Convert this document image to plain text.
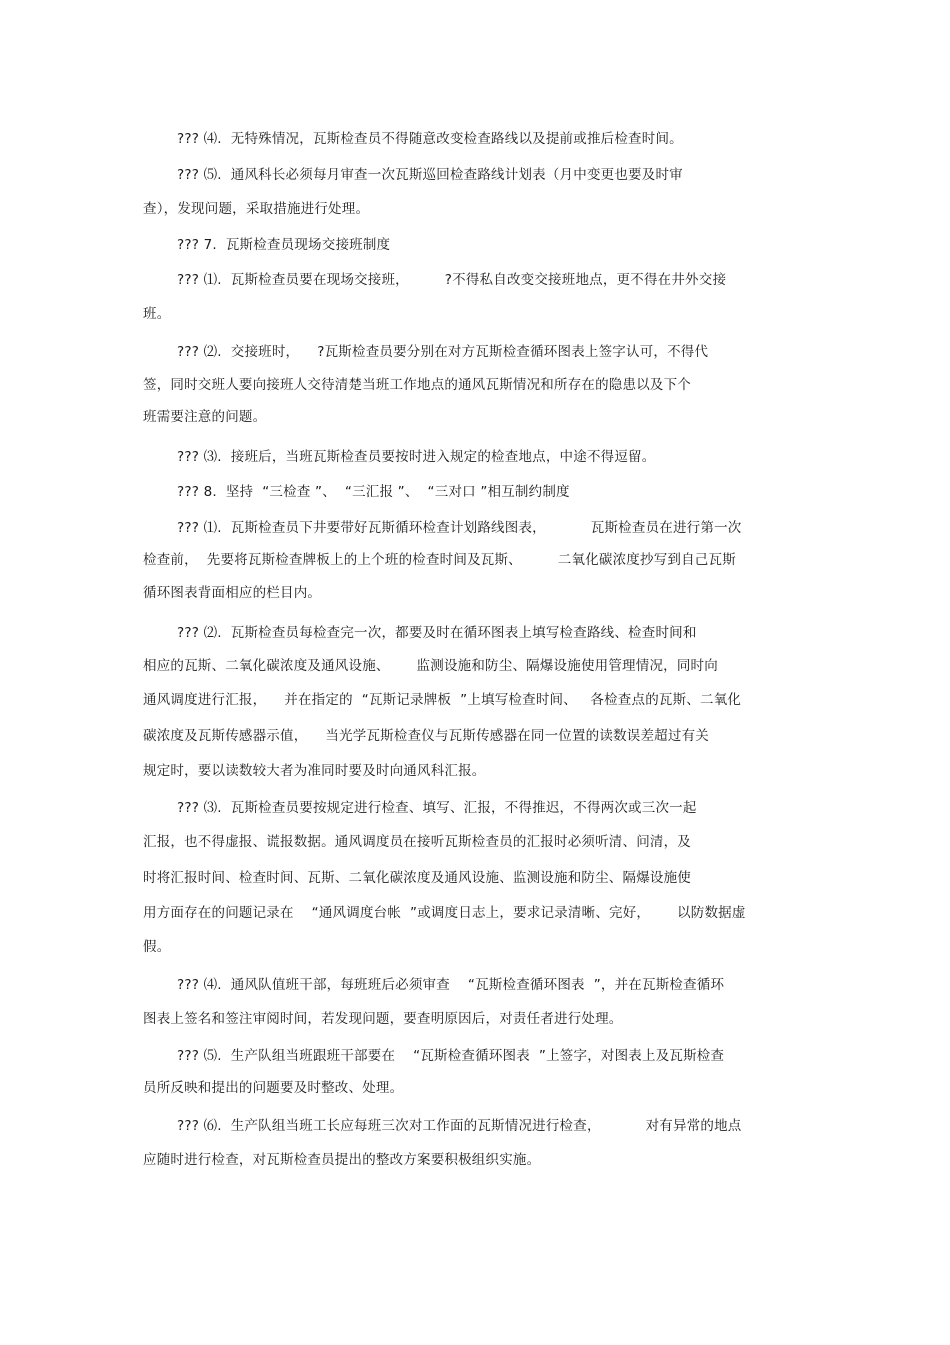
??? ⑷.  无特殊情况，瓦斯检查员不得随意改变检查路线以及提前或推后检查时间。
??? ⑸.  通风科长必须每月审查一次瓦斯巡回检查路线计划表（月中变更也要及时审
查），发现问题，采取措施进行处理。
??? 7.  瓦斯检查员现场交接班制度
??? ⑴.  瓦斯检查员要在现场交接班，        ?不得私自改变交接班地点，更不得在井外交接
班。
??? ⑵.  交接班时，    ?瓦斯检查员要分别在对方瓦斯检查循环图表上签字认可，不得代
签，同时交班人要向接班人交待清楚当班工作地点的通风瓦斯情况和所存在的隐患以及下个
班需要注意的问题。
??? ⑶.  接班后，当班瓦斯检查员要按时进入规定的检查地点，中途不得逗留。
??? 8.  坚持  “三检查 ”、  “三汇报 ”、  “三对口 ”相互制约制度
??? ⑴.  瓦斯检查员下井要带好瓦斯循环检查计划路线图表，          瓦斯检查员在进行第一次
检查前，  先要将瓦斯检查牌板上的上个班的检查时间及瓦斯、        二氧化碳浓度抄写到自己瓦斯
循环图表背面相应的栏目内。
??? ⑵.  瓦斯检查员每检查完一次，都要及时在循环图表上填写检查路线、检查时间和
相应的瓦斯、二氧化碳浓度及通风设施、      监测设施和防尘、隔爆设施使用管理情况，同时向
通风调度进行汇报，    并在指定的  “瓦斯记录牌板  ”上填写检查时间、   各检查点的瓦斯、二氧化
碳浓度及瓦斯传感器示值，    当光学瓦斯检查仪与瓦斯传感器在同一位置的读数误差超过有关
规定时，要以读数较大者为准同时要及时向通风科汇报。
??? ⑶.  瓦斯检查员要按规定进行检查、填写、汇报，不得推迟，不得两次或三次一起
汇报，也不得虚报、谎报数据。通风调度员在接听瓦斯检查员的汇报时必须听清、问清，及
时将汇报时间、检查时间、瓦斯、二氧化碳浓度及通风设施、监测设施和防尘、隔爆设施使
用方面存在的问题记录在    “通风调度台帐  ”或调度日志上，要求记录清晰、完好，      以防数据虚
假。
??? ⑷.  通风队值班干部，每班班后必须审查    “瓦斯检查循环图表  ”，并在瓦斯检查循环
图表上签名和签注审阅时间，若发现问题，要查明原因后，对责任者进行处理。
??? ⑸.  生产队组当班跟班干部要在    “瓦斯检查循环图表  ”上签字，对图表上及瓦斯检查
员所反映和提出的问题要及时整改、处理。
??? ⑹.  生产队组当班工长应每班三次对工作面的瓦斯情况进行检查，          对有异常的地点
应随时进行检查，对瓦斯检查员提出的整改方案要积极组织实施。
